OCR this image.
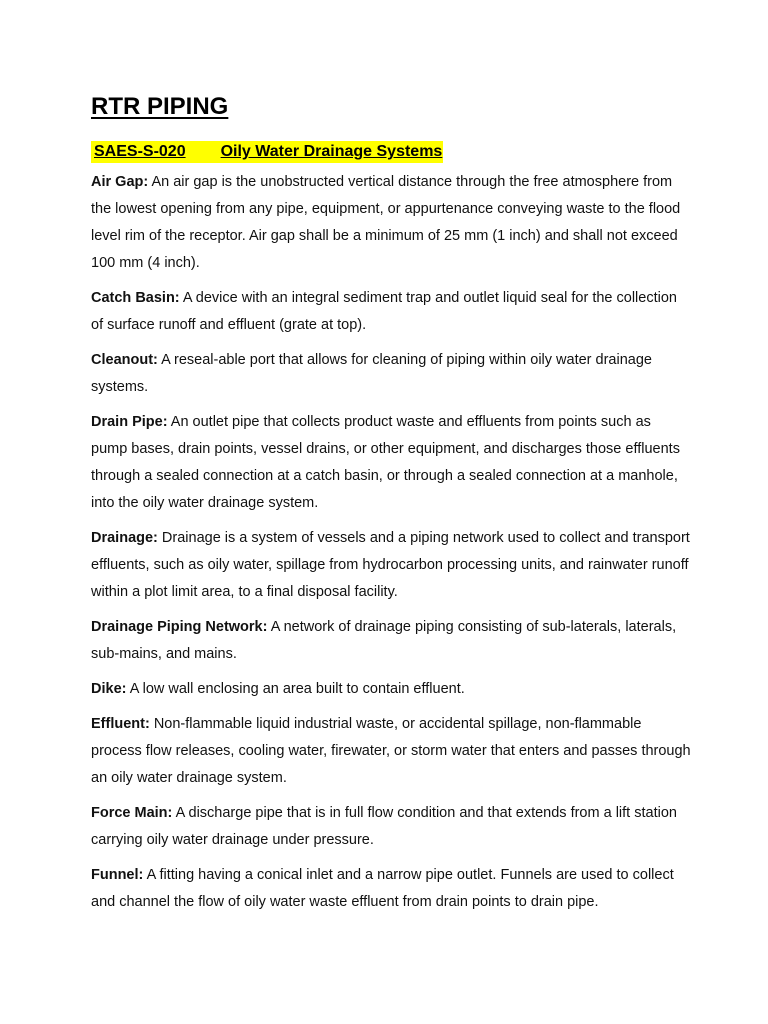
RTR PIPING
SAES-S-020 Oily Water Drainage Systems

Air Gap: An air gap is the unobstructed vertical distance through the free atmosphere from the lowest opening from any pipe, equipment, or appurtenance conveying waste to the flood level rim of the receptor. Air gap shall be a minimum of 25 mm (1 inch) and shall not exceed 100 mm (4 inch).

Catch Basin: A device with an integral sediment trap and outlet liquid seal for the collection of surface runoff and effluent (grate at top).

Cleanout: A reseal-able port that allows for cleaning of piping within oily water drainage systems.

Drain Pipe: An outlet pipe that collects product waste and effluents from points such as pump bases, drain points, vessel drains, or other equipment, and discharges those effluents through a sealed connection at a catch basin, or through a sealed connection at a manhole, into the oily water drainage system.

Drainage: Drainage is a system of vessels and a piping network used to collect and transport effluents, such as oily water, spillage from hydrocarbon processing units, and rainwater runoff within a plot limit area, to a final disposal facility.

Drainage Piping Network: A network of drainage piping consisting of sub-laterals, laterals, sub-mains, and mains.

Dike: A low wall enclosing an area built to contain effluent.

Effluent: Non-flammable liquid industrial waste, or accidental spillage, non-flammable process flow releases, cooling water, firewater, or storm water that enters and passes through an oily water drainage system.

Force Main: A discharge pipe that is in full flow condition and that extends from a lift station carrying oily water drainage under pressure.

Funnel: A fitting having a conical inlet and a narrow pipe outlet. Funnels are used to collect and channel the flow of oily water waste effluent from drain points to drain pipe.
